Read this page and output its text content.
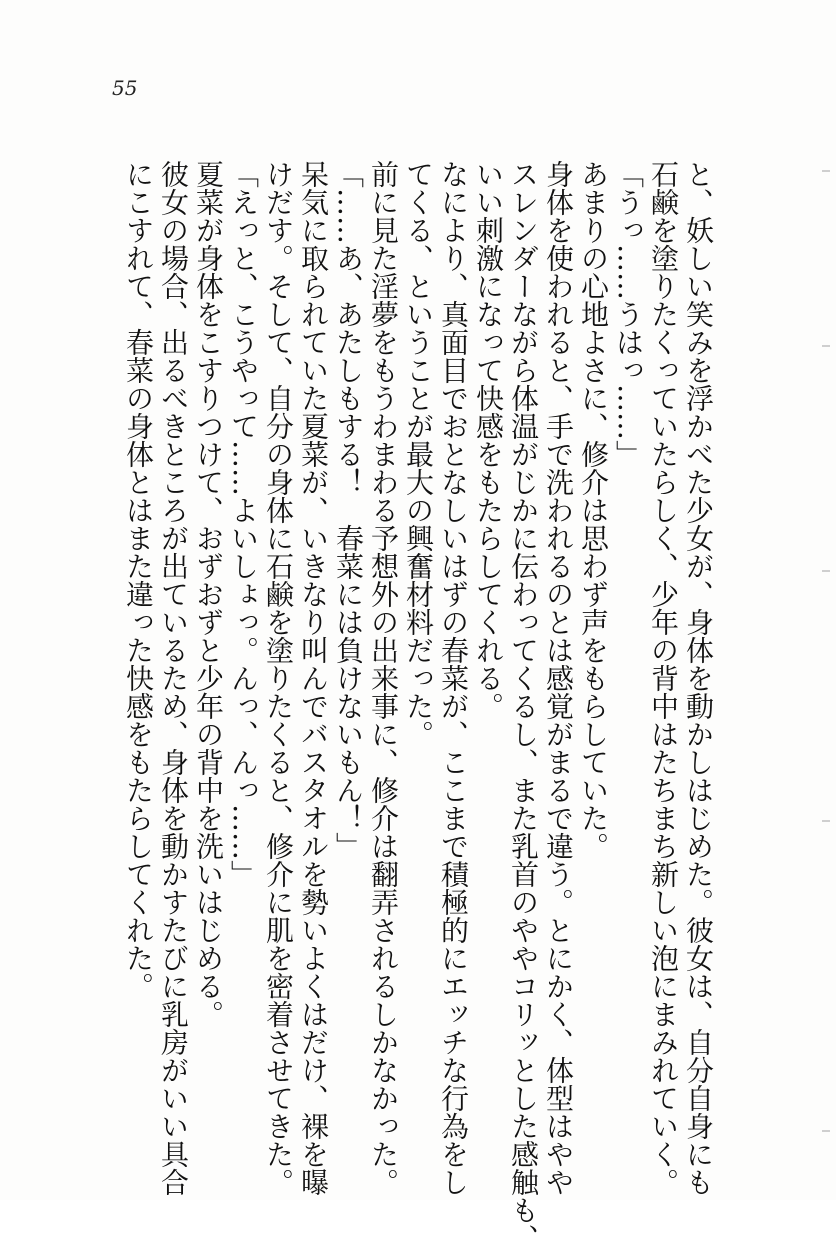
55
と、妖しい笑みを浮かべた少女が、身体を動かしはじめた。彼女は、自分自身にも
石鹸を塗りたくっていたらしく、少年の背中はたちまち新しい泡にまみれていく。
「うっ……うはっ……」
あまりの心地よさに、修介は思わず声をもらしていた。
身体を使われると、手で洗われるのとは感覚がまるで違う。とにかく、体型はやや
スレンダーながら体温がじかに伝わってくるし、また乳首のややコリッとした感触も、
いい刺激になって快感をもたらしてくれる。
なにより、真面目でおとなしいはずの春菜が、ここまで積極的にエッチな行為をし
てくる、ということが最大の興奮材料だった。
前に見た淫夢をもうわまわる予想外の出来事に、修介は翻弄されるしかなかった。
「……あ、あたしもする！　春菜には負けないもん！」
呆気に取られていた夏菜が、いきなり叫んでバスタオルを勢いよくはだけ、裸を曝
けだす。そして、自分の身体に石鹸を塗りたくると、修介に肌を密着させてきた。
「えっと、こうやって……よいしょっ。んっ、んっ……」
夏菜が身体をこすりつけて、おずおずと少年の背中を洗いはじめる。
彼女の場合、出るべきところが出ているため、身体を動かすたびに乳房がいい具合
にこすれて、春菜の身体とはまた違った快感をもたらしてくれた。
